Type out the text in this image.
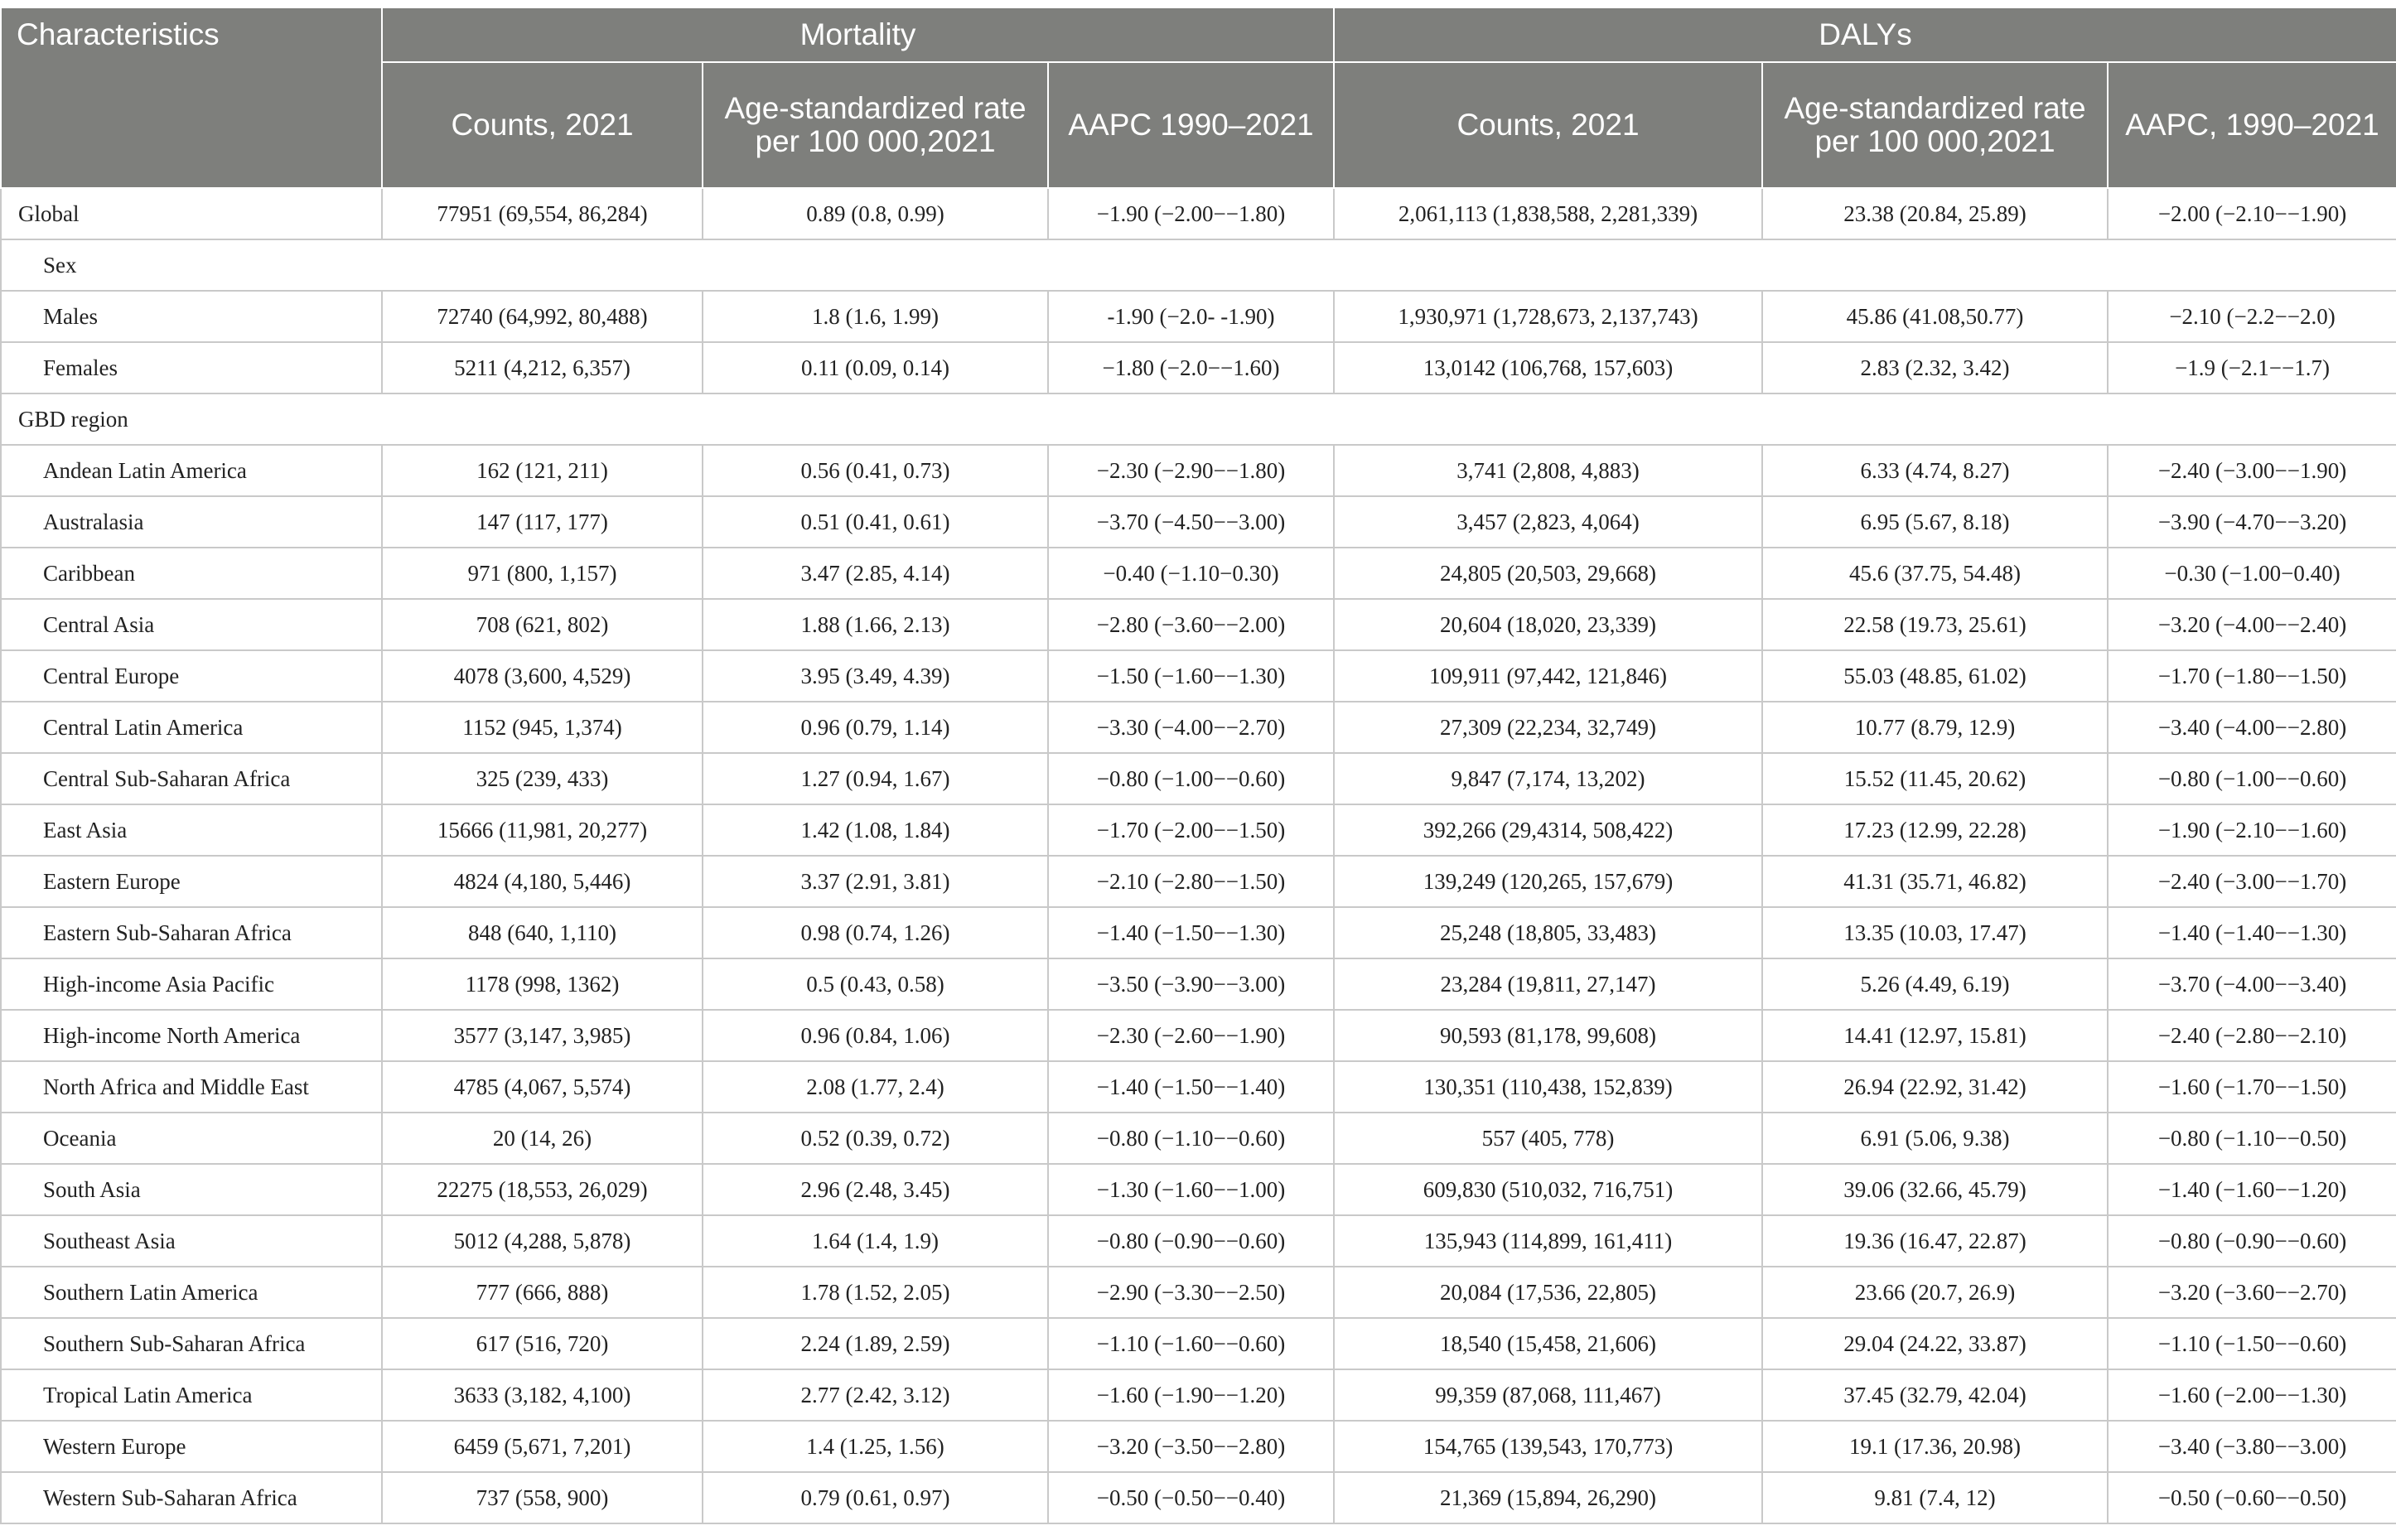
Characteristics	Mortality			DALYs		
	Counts, 2021	Age-standardized rate per 100 000,2021	AAPC 1990–2021	Counts, 2021	Age-standardized rate per 100 000,2021	AAPC, 1990–2021
Global	77951 (69,554, 86,284)	0.89 (0.8, 0.99)	−1.90 (−2.00−−1.80)	2,061,113 (1,838,588, 2,281,339)	23.38 (20.84, 25.89)	−2.00 (−2.10−−1.90)
Sex						
Males	72740 (64,992, 80,488)	1.8 (1.6, 1.99)	-1.90 (−2.0- -1.90)	1,930,971 (1,728,673, 2,137,743)	45.86 (41.08,50.77)	−2.10 (−2.2−−2.0)
Females	5211 (4,212, 6,357)	0.11 (0.09, 0.14)	−1.80 (−2.0−−1.60)	13,0142 (106,768, 157,603)	2.83 (2.32, 3.42)	−1.9 (−2.1−−1.7)
GBD region						
Andean Latin America	162 (121, 211)	0.56 (0.41, 0.73)	−2.30 (−2.90−−1.80)	3,741 (2,808, 4,883)	6.33 (4.74, 8.27)	−2.40 (−3.00−−1.90)
Australasia	147 (117, 177)	0.51 (0.41, 0.61)	−3.70 (−4.50−−3.00)	3,457 (2,823, 4,064)	6.95 (5.67, 8.18)	−3.90 (−4.70−−3.20)
Caribbean	971 (800, 1,157)	3.47 (2.85, 4.14)	−0.40 (−1.10−0.30)	24,805 (20,503, 29,668)	45.6 (37.75, 54.48)	−0.30 (−1.00−0.40)
Central Asia	708 (621, 802)	1.88 (1.66, 2.13)	−2.80 (−3.60−−2.00)	20,604 (18,020, 23,339)	22.58 (19.73, 25.61)	−3.20 (−4.00−−2.40)
Central Europe	4078 (3,600, 4,529)	3.95 (3.49, 4.39)	−1.50 (−1.60−−1.30)	109,911 (97,442, 121,846)	55.03 (48.85, 61.02)	−1.70 (−1.80−−1.50)
Central Latin America	1152 (945, 1,374)	0.96 (0.79, 1.14)	−3.30 (−4.00−−2.70)	27,309 (22,234, 32,749)	10.77 (8.79, 12.9)	−3.40 (−4.00−−2.80)
Central Sub-Saharan Africa	325 (239, 433)	1.27 (0.94, 1.67)	−0.80 (−1.00−−0.60)	9,847 (7,174, 13,202)	15.52 (11.45, 20.62)	−0.80 (−1.00−−0.60)
East Asia	15666 (11,981, 20,277)	1.42 (1.08, 1.84)	−1.70 (−2.00−−1.50)	392,266 (29,4314, 508,422)	17.23 (12.99, 22.28)	−1.90 (−2.10−−1.60)
Eastern Europe	4824 (4,180, 5,446)	3.37 (2.91, 3.81)	−2.10 (−2.80−−1.50)	139,249 (120,265, 157,679)	41.31 (35.71, 46.82)	−2.40 (−3.00−−1.70)
Eastern Sub-Saharan Africa	848 (640, 1,110)	0.98 (0.74, 1.26)	−1.40 (−1.50−−1.30)	25,248 (18,805, 33,483)	13.35 (10.03, 17.47)	−1.40 (−1.40−−1.30)
High-income Asia Pacific	1178 (998, 1362)	0.5 (0.43, 0.58)	−3.50 (−3.90−−3.00)	23,284 (19,811, 27,147)	5.26 (4.49, 6.19)	−3.70 (−4.00−−3.40)
High-income North America	3577 (3,147, 3,985)	0.96 (0.84, 1.06)	−2.30 (−2.60−−1.90)	90,593 (81,178, 99,608)	14.41 (12.97, 15.81)	−2.40 (−2.80−−2.10)
North Africa and Middle East	4785 (4,067, 5,574)	2.08 (1.77, 2.4)	−1.40 (−1.50−−1.40)	130,351 (110,438, 152,839)	26.94 (22.92, 31.42)	−1.60 (−1.70−−1.50)
Oceania	20 (14, 26)	0.52 (0.39, 0.72)	−0.80 (−1.10−−0.60)	557 (405, 778)	6.91 (5.06, 9.38)	−0.80 (−1.10−−0.50)
South Asia	22275 (18,553, 26,029)	2.96 (2.48, 3.45)	−1.30 (−1.60−−1.00)	609,830 (510,032, 716,751)	39.06 (32.66, 45.79)	−1.40 (−1.60−−1.20)
Southeast Asia	5012 (4,288, 5,878)	1.64 (1.4, 1.9)	−0.80 (−0.90−−0.60)	135,943 (114,899, 161,411)	19.36 (16.47, 22.87)	−0.80 (−0.90−−0.60)
Southern Latin America	777 (666, 888)	1.78 (1.52, 2.05)	−2.90 (−3.30−−2.50)	20,084 (17,536, 22,805)	23.66 (20.7, 26.9)	−3.20 (−3.60−−2.70)
Southern Sub-Saharan Africa	617 (516, 720)	2.24 (1.89, 2.59)	−1.10 (−1.60−−0.60)	18,540 (15,458, 21,606)	29.04 (24.22, 33.87)	−1.10 (−1.50−−0.60)
Tropical Latin America	3633 (3,182, 4,100)	2.77 (2.42, 3.12)	−1.60 (−1.90−−1.20)	99,359 (87,068, 111,467)	37.45 (32.79, 42.04)	−1.60 (−2.00−−1.30)
Western Europe	6459 (5,671, 7,201)	1.4 (1.25, 1.56)	−3.20 (−3.50−−2.80)	154,765 (139,543, 170,773)	19.1 (17.36, 20.98)	−3.40 (−3.80−−3.00)
Western Sub-Saharan Africa	737 (558, 900)	0.79 (0.61, 0.97)	−0.50 (−0.50−−0.40)	21,369 (15,894, 26,290)	9.81 (7.4, 12)	−0.50 (−0.60−−0.50)
